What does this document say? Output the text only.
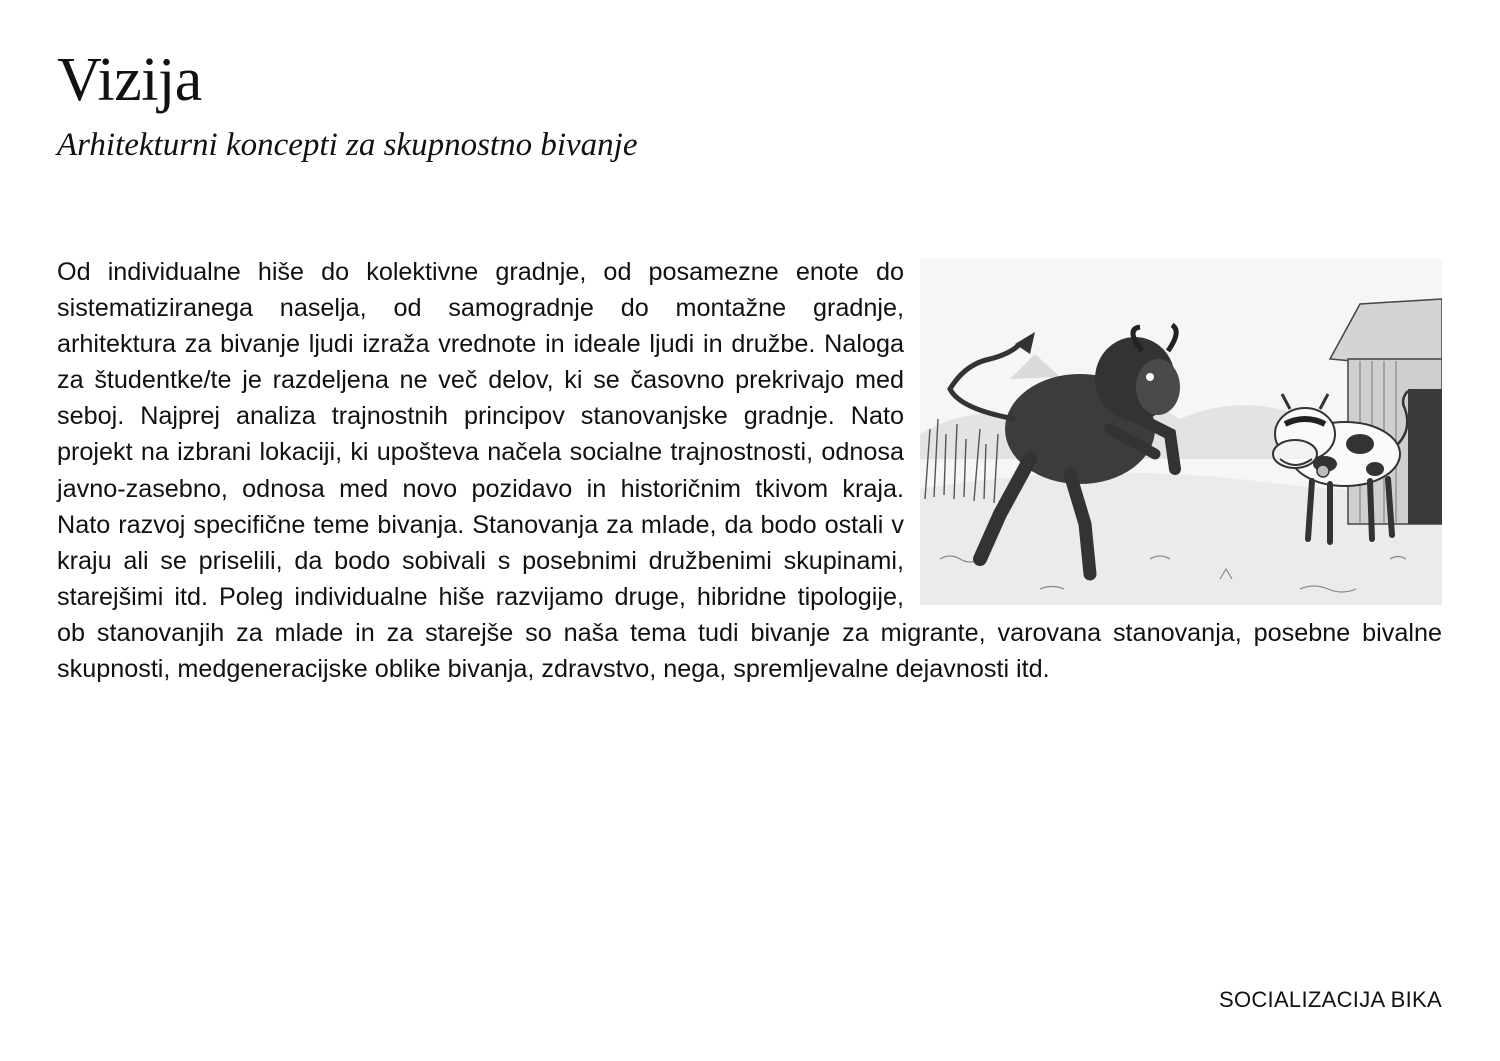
Vizija
Arhitekturni koncepti za skupnostno bivanje

Od individualne hiše do kolektivne gradnje, od posamezne enote do sistematiziranega naselja, od samogradnje do montažne gradnje, arhitektura za bivanje ljudi izraža vrednote in ideale ljudi in družbe. Naloga za študentke/te je razdeljena ne več delov, ki se časovno prekrivajo med seboj. Najprej analiza trajnostnih principov stanovanjske gradnje. Nato projekt na izbrani lokaciji, ki upošteva načela socialne trajnostnosti, odnosa javno-zasebno, odnosa med novo pozidavo in historičnim tkivom kraja. Nato razvoj specifične teme bivanja. Stanovanja za mlade, da bodo ostali v kraju ali se priselili, da bodo sobivali s posebnimi družbenimi skupinami, starejšimi itd. Poleg individualne hiše razvijamo druge, hibridne tipologije, ob stanovanjih za mlade in za starejše so naša tema tudi bivanje za migrante, varovana stanovanja, posebne bivalne skupnosti, medgeneracijske oblike bivanja, zdravstvo, nega, spremljevalne dejavnosti itd.

SOCIALIZACIJA BIKA
